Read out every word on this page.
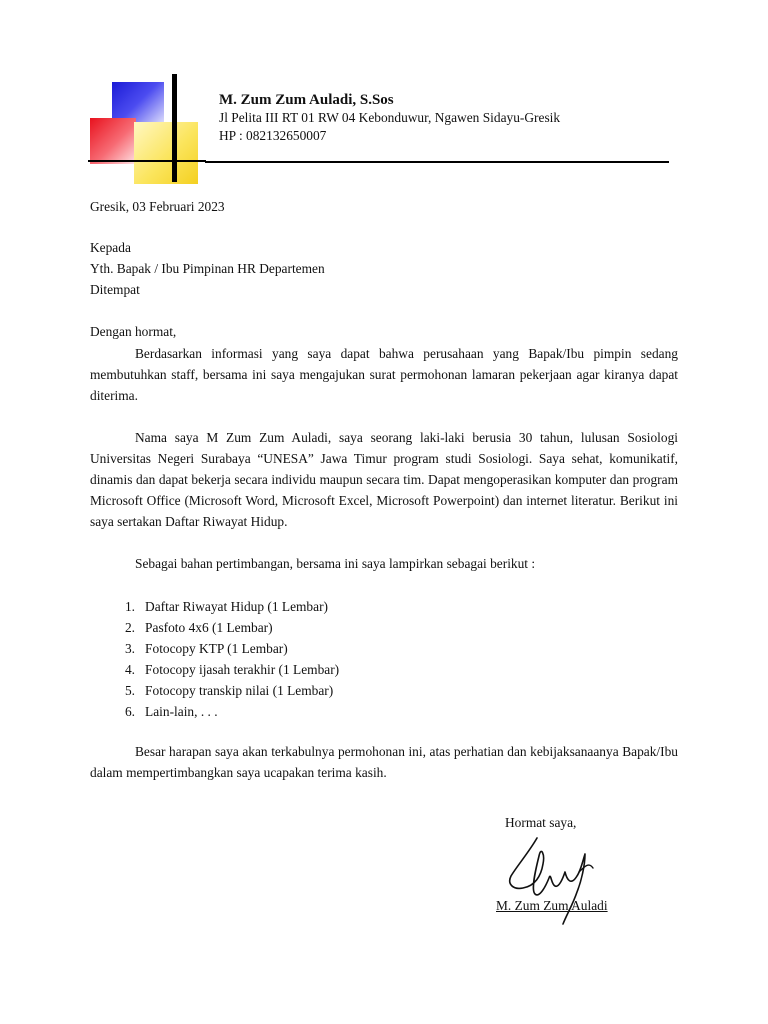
M. Zum Zum Auladi, S.Sos
Jl Pelita III RT 01 RW 04 Kebonduwur, Ngawen Sidayu-Gresik
HP : 082132650007
Gresik, 03 Februari 2023
Kepada
Yth. Bapak / Ibu Pimpinan HR Departemen
Ditempat
Dengan hormat,
Berdasarkan informasi yang saya dapat bahwa perusahaan yang Bapak/Ibu pimpin sedang membutuhkan staff, bersama ini saya mengajukan surat permohonan lamaran pekerjaan agar kiranya dapat diterima.
Nama saya M Zum Zum Auladi, saya seorang laki-laki berusia 30 tahun, lulusan Sosiologi Universitas Negeri Surabaya “UNESA” Jawa Timur program studi Sosiologi. Saya sehat, komunikatif, dinamis dan dapat bekerja secara individu maupun secara tim. Dapat mengoperasikan komputer dan program Microsoft Office (Microsoft Word, Microsoft Excel, Microsoft Powerpoint) dan internet literatur. Berikut ini saya sertakan Daftar Riwayat Hidup.
Sebagai bahan pertimbangan, bersama ini saya lampirkan sebagai berikut :
1. Daftar Riwayat Hidup (1 Lembar)
2. Pasfoto 4x6 (1 Lembar)
3. Fotocopy KTP (1 Lembar)
4. Fotocopy ijasah terakhir (1 Lembar)
5. Fotocopy transkip nilai (1 Lembar)
6. Lain-lain, . . .
Besar harapan saya akan terkabulnya permohonan ini, atas perhatian dan kebijaksanaanya Bapak/Ibu dalam mempertimbangkan saya ucapakan terima kasih.
Hormat saya,
M. Zum Zum Auladi
